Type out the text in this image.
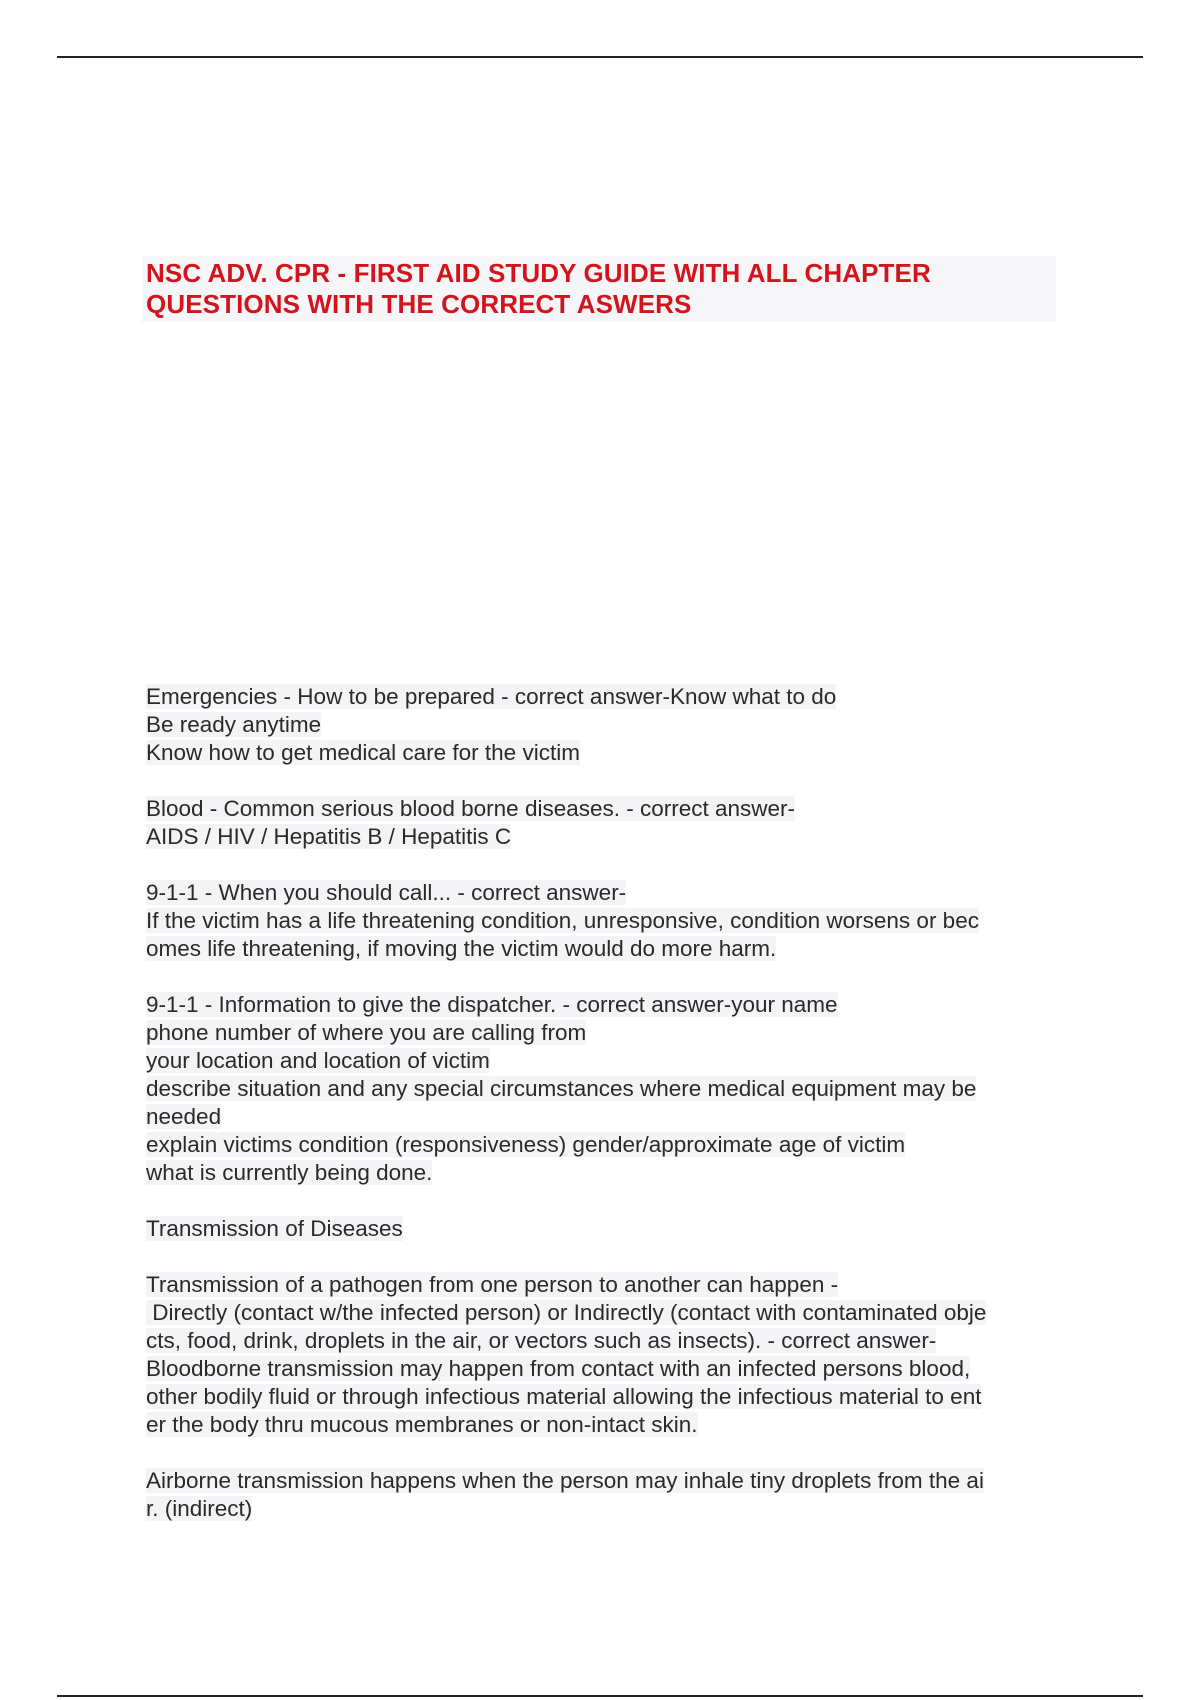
NSC ADV. CPR - FIRST AID STUDY GUIDE WITH ALL CHAPTER
QUESTIONS WITH THE CORRECT ASWERS
Emergencies - How to be prepared - correct answer-Know what to do
Be ready anytime
Know how to get medical care for the victim
Blood - Common serious blood borne diseases. - correct answer-
AIDS / HIV / Hepatitis B / Hepatitis C
9-1-1 - When you should call... - correct answer-
If the victim has a life threatening condition, unresponsive, condition worsens or bec
omes life threatening, if moving the victim would do more harm.
9-1-1 - Information to give the dispatcher. - correct answer-your name
phone number of where you are calling from
your location and location of victim
describe situation and any special circumstances where medical equipment may be
needed
explain victims condition (responsiveness) gender/approximate age of victim
what is currently being done.
Transmission of Diseases
Transmission of a pathogen from one person to another can happen -
Directly (contact w/the infected person) or Indirectly (contact with contaminated obje
cts, food, drink, droplets in the air, or vectors such as insects). - correct answer-
Bloodborne transmission may happen from contact with an infected persons blood,
other bodily fluid or through infectious material allowing the infectious material to ent
er the body thru mucous membranes or non-intact skin.
Airborne transmission happens when the person may inhale tiny droplets from the ai
r. (indirect)
